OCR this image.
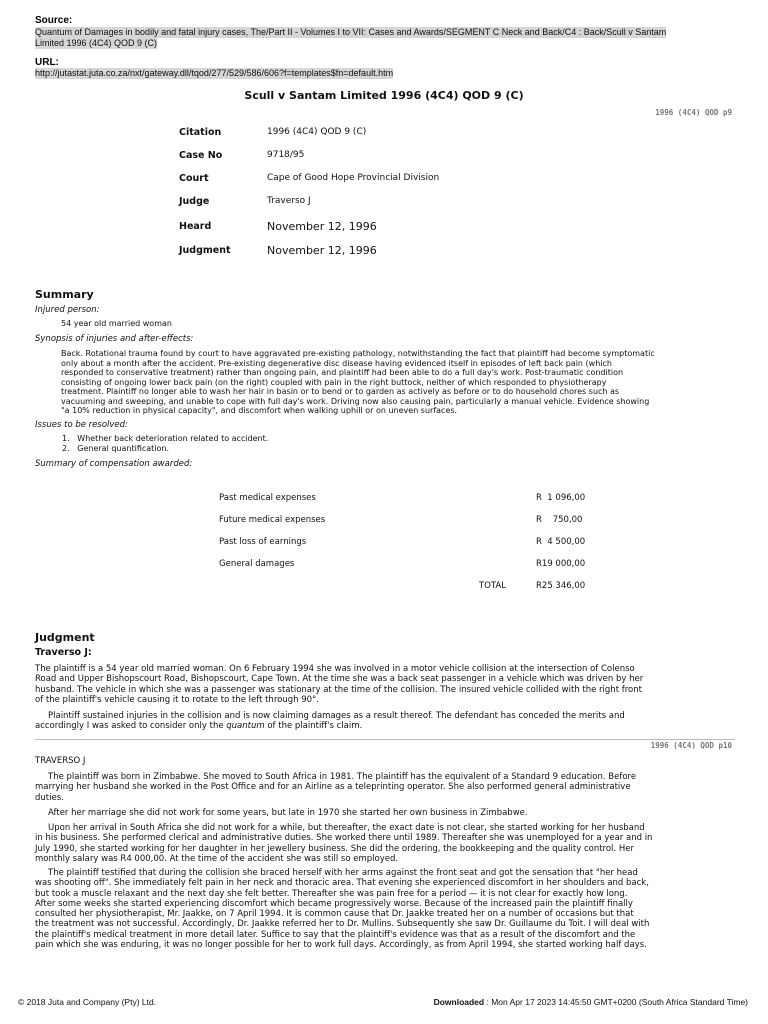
Source:
Quantum of Damages in bodily and fatal injury cases, The/Part II - Volumes I to VII: Cases and Awards/SEGMENT C Neck and Back/C4 : Back/Scull v Santam
Limited 1996 (4C4) QOD 9 (C)
URL:
http://jutastat.juta.co.za/nxt/gateway.dll/tqod/277/529/586/606?f=templates$fn=default.htm
Scull v Santam Limited 1996 (4C4) QOD 9 (C)
1996 (4C4) QOD p9
Citation	1996 (4C4) QOD 9 (C)
Case No	9718/95
Court	Cape of Good Hope Provincial Division
Judge	Traverso J
Heard	November 12, 1996
Judgment	November 12, 1996
Summary
Injured person:
54 year old married woman
Synopsis of injuries and after-effects:
Back. Rotational trauma found by court to have aggravated pre-existing pathology, notwithstanding the fact that plaintiff had become symptomatic
only about a month after the accident. Pre-existing degenerative disc disease having evidenced itself in episodes of left back pain (which
responded to conservative treatment) rather than ongoing pain, and plaintiff had been able to do a full day's work. Post-traumatic condition
consisting of ongoing lower back pain (on the right) coupled with pain in the right buttock, neither of which responded to physiotherapy
treatment. Plaintiff no longer able to wash her hair in basin or to bend or to garden as actively as before or to do household chores such as
vacuuming and sweeping, and unable to cope with full day's work. Driving now also causing pain, particularly a manual vehicle. Evidence showing
"a 10% reduction in physical capacity", and discomfort when walking uphill or on uneven surfaces.
Issues to be resolved:
1. Whether back deterioration related to accident.
2. General quantification.
Summary of compensation awarded:
Past medical expenses	R  1 096,00
Future medical expenses	R    750,00
Past loss of earnings	R  4 500,00
General damages	R19 000,00
TOTAL	R25 346,00
Judgment
Traverso J:
The plaintiff is a 54 year old married woman. On 6 February 1994 she was involved in a motor vehicle collision at the intersection of Colenso
Road and Upper Bishopscourt Road, Bishopscourt, Cape Town. At the time she was a back seat passenger in a vehicle which was driven by her
husband. The vehicle in which she was a passenger was stationary at the time of the collision. The insured vehicle collided with the right front
of the plaintiff's vehicle causing it to rotate to the left through 90°.
Plaintiff sustained injuries in the collision and is now claiming damages as a result thereof. The defendant has conceded the merits and
accordingly I was asked to consider only the quantum of the plaintiff's claim.
1996 (4C4) QOD p10
TRAVERSO J
The plaintiff was born in Zimbabwe. She moved to South Africa in 1981. The plaintiff has the equivalent of a Standard 9 education. Before
marrying her husband she worked in the Post Office and for an Airline as a teleprinting operator. She also performed general administrative
duties.
After her marriage she did not work for some years, but late in 1970 she started her own business in Zimbabwe.
Upon her arrival in South Africa she did not work for a while, but thereafter, the exact date is not clear, she started working for her husband
in his business. She performed clerical and administrative duties. She worked there until 1989. Thereafter she was unemployed for a year and in
July 1990, she started working for her daughter in her jewellery business. She did the ordering, the bookkeeping and the quality control. Her
monthly salary was R4 000,00. At the time of the accident she was still so employed.
The plaintiff testified that during the collision she braced herself with her arms against the front seat and got the sensation that "her head
was shooting off". She immediately felt pain in her neck and thoracic area. That evening she experienced discomfort in her shoulders and back,
but took a muscle relaxant and the next day she felt better. Thereafter she was pain free for a period — it is not clear for exactly how long.
After some weeks she started experiencing discomfort which became progressively worse. Because of the increased pain the plaintiff finally
consulted her physiotherapist, Mr. Jaakke, on 7 April 1994. It is common cause that Dr. Jaakke treated her on a number of occasions but that
the treatment was not successful. Accordingly, Dr. Jaakke referred her to Dr. Mullins. Subsequently she saw Dr. Guillaume du Toit. I will deal with
the plaintiff's medical treatment in more detail later. Suffice to say that the plaintiff's evidence was that as a result of the discomfort and the
pain which she was enduring, it was no longer possible for her to work full days. Accordingly, as from April 1994, she started working half days.
© 2018 Juta and Company (Pty) Ltd.	Downloaded : Mon Apr 17 2023 14:45:50 GMT+0200 (South Africa Standard Time)
